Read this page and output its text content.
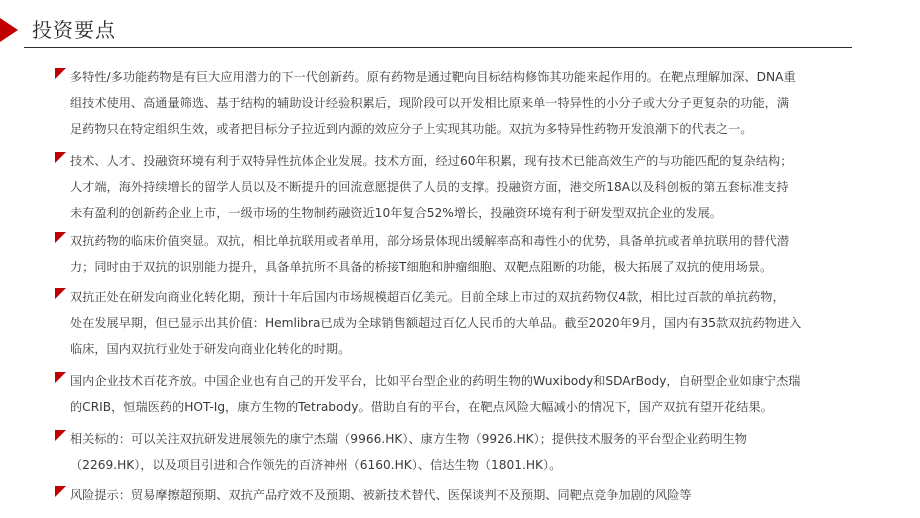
投资要点

多特性/多功能药物是有巨大应用潜力的下一代创新药。原有药物是通过靶向目标结构修饰其功能来起作用的。在靶点理解加深、DNA重
组技术使用、高通量筛选、基于结构的辅助设计经验积累后，现阶段可以开发相比原来单一特异性的小分子或大分子更复杂的功能，满
足药物只在特定组织生效，或者把目标分子拉近到内源的效应分子上实现其功能。双抗为多特异性药物开发浪潮下的代表之一。

技术、人才、投融资环境有利于双特异性抗体企业发展。技术方面，经过60年积累，现有技术已能高效生产的与功能匹配的复杂结构；
人才端，海外持续增长的留学人员以及不断提升的回流意愿提供了人员的支撑。投融资方面，港交所18A以及科创板的第五套标准支持
未有盈利的创新药企业上市，一级市场的生物制药融资近10年复合52%增长，投融资环境有利于研发型双抗企业的发展。

双抗药物的临床价值突显。双抗，相比单抗联用或者单用，部分场景体现出缓解率高和毒性小的优势，具备单抗或者单抗联用的替代潜
力；同时由于双抗的识别能力提升，具备单抗所不具备的桥接T细胞和肿瘤细胞、双靶点阻断的功能，极大拓展了双抗的使用场景。

双抗正处在研发向商业化转化期，预计十年后国内市场规模超百亿美元。目前全球上市过的双抗药物仅4款，相比过百款的单抗药物，
处在发展早期，但已显示出其价值：Hemlibra已成为全球销售额超过百亿人民币的大单品。截至2020年9月，国内有35款双抗药物进入
临床，国内双抗行业处于研发向商业化转化的时期。

国内企业技术百花齐放。中国企业也有自己的开发平台，比如平台型企业的药明生物的Wuxibody和SDArBody，自研型企业如康宁杰瑞
的CRIB，恒瑞医药的HOT-Ig，康方生物的Tetrabody。借助自有的平台，在靶点风险大幅减小的情况下，国产双抗有望开花结果。

相关标的：可以关注双抗研发进展领先的康宁杰瑞（9966.HK）、康方生物（9926.HK）；提供技术服务的平台型企业药明生物
（2269.HK），以及项目引进和合作领先的百济神州（6160.HK）、信达生物（1801.HK）。

风险提示：贸易摩擦超预期、双抗产品疗效不及预期、被新技术替代、医保谈判不及预期、同靶点竞争加剧的风险等
